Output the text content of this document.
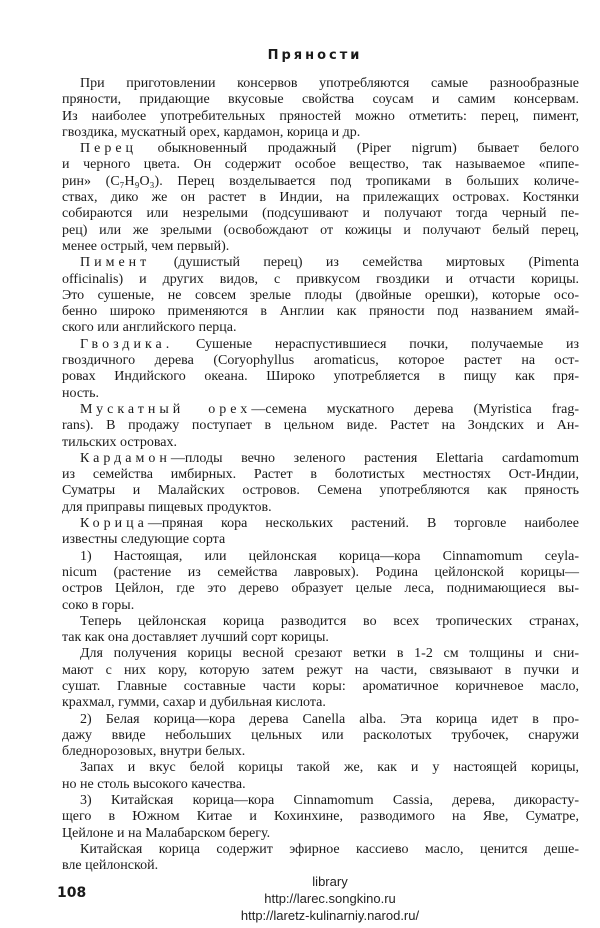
Пряности
При приготовлении консервов употребляются самые разнообразные
пряности, придающие вкусовые свойства соусам и самим консервам.
Из наиболее употребительных пряностей можно отметить: перец, пимент,
гвоздика, мускатный орех, кардамон, корица и др.
Перец обыкновенный продажный (Piper nigrum) бывает белого
и черного цвета. Он содержит особое вещество, так называемое «пипе-
рин» (C₇H₉O₃). Перец возделывается под тропиками в больших количе-
ствах, дико же он растет в Индии, на прилежащих островах. Костянки
собираются или незрелыми (подсушивают и получают тогда черный пе-
рец) или же зрелыми (освобождают от кожицы и получают белый перец,
менее острый, чем первый).
Пимент (душистый перец) из семейства миртовых (Pimenta
officinalis) и других видов, с привкусом гвоздики и отчасти корицы.
Это сушеные, не совсем зрелые плоды (двойные орешки), которые осо-
бенно широко применяются в Англии как пряности под названием ямай-
ского или английского перца.
Гвоздика. Сушеные нераспустившиеся почки, получаемые из
гвоздичного дерева (Coryophyllus aromaticus, которое растет на ост-
ровах Индийского океана. Широко употребляется в пищу как пря-
ность.
Мускатный орех—семена мускатного дерева (Myristica frag-
rans). В продажу поступает в цельном виде. Растет на Зондских и Ан-
тильских островах.
Кардамон—плоды вечно зеленого растения Elettaria cardamomum
из семейства имбирных. Растет в болотистых местностях Ост-Индии,
Суматры и Малайских островов. Семена употребляются как пряность
для приправы пищевых продуктов.
Корица—пряная кора нескольких растений. В торговле наиболее
известны следующие сорта
1) Настоящая, или цейлонская корица—кора Cinnamomum ceyla-
nicum (растение из семейства лавровых). Родина цейлонской корицы—
остров Цейлон, где это дерево образует целые леса, поднимающиеся вы-
соко в горы.
Теперь цейлонская корица разводится во всех тропических странах,
так как она доставляет лучший сорт корицы.
Для получения корицы весной срезают ветки в 1-2 см толщины и сни-
мают с них кору, которую затем режут на части, связывают в пучки и
сушат. Главные составные части коры: ароматичное коричневое масло,
крахмал, гумми, сахар и дубильная кислота.
2) Белая корица—кора дерева Canella alba. Эта корица идет в про-
дажу ввиде небольших цельных или расколотых трубочек, снаружи
бледнорозовых, внутри белых.
Запах и вкус белой корицы такой же, как и у настоящей корицы,
но не столь высокого качества.
3) Китайская корица—кора Cinnamomum Cassia, дерева, дикорасту-
щего в Южном Китае и Кохинхине, разводимого на Яве, Суматре,
Цейлоне и на Малабарском берегу.
Китайская корица содержит эфирное кассиево масло, ценится деше-
вле цейлонской.
108
library
http://larec.songkino.ru
http://laretz-kulinarniy.narod.ru/
